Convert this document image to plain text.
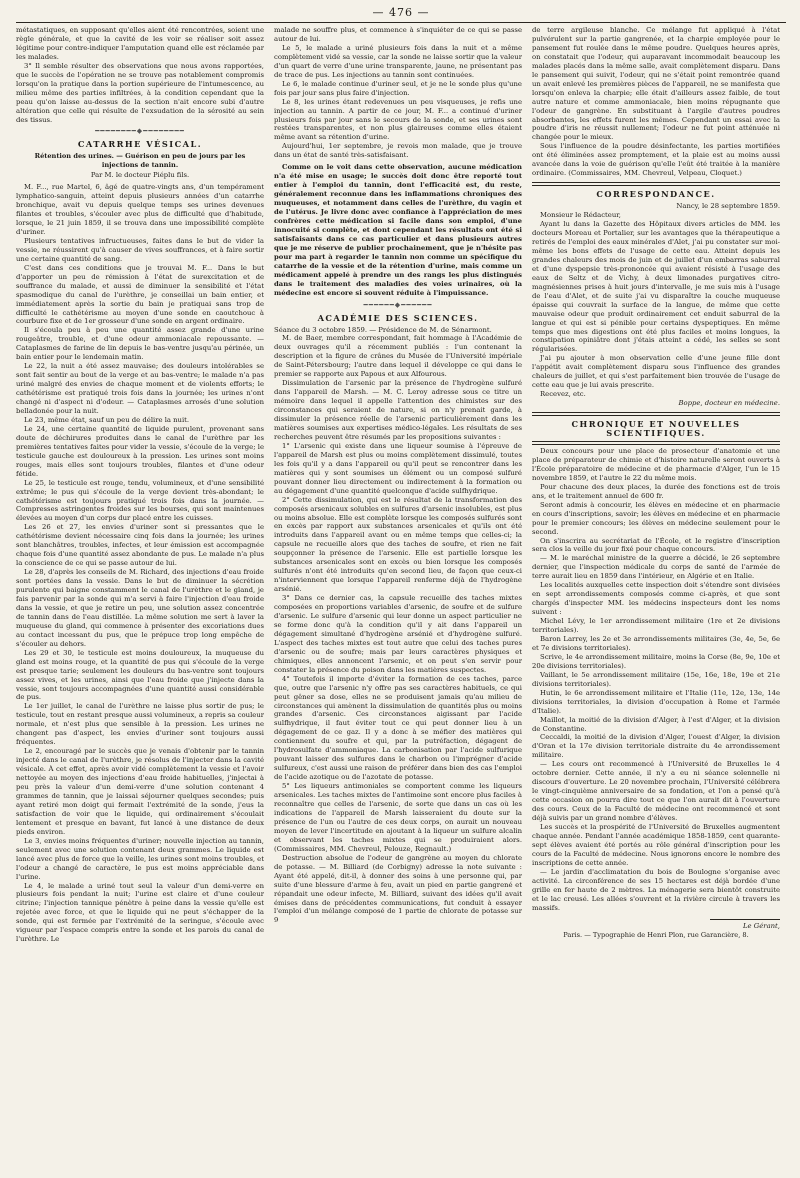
— 476 —

métastatiques, en supposant qu'elles aient été rencontrées, soient une règle générale, et que la cavité de les voir se réaliser soit assez légitime pour contre-indiquer l'amputation quand elle est réclamée par les malades.

3° Il semble résulter des observations que nous avons rapportées, que le succès de l'opération ne se trouve pas notablement compromis lorsqu'on la pratique dans la portion supérieure de l'intumescence, au milieu même des parties infiltrées, à la condition cependant que la peau qu'on laisse au-dessus de la section n'ait encore subi d'autre altération que celle qui résulte de l'exsudation de la sérosité au sein des tissus.

━━━━━━━━◆━━━━━━━━
CATARRHE VÉSICAL.
Rétention des urines. — Guérison en peu de jours par les injections de tannin.
Par M. le docteur Piéplu fils.

M. F..., rue Martel, 6, âgé de quatre-vingts ans, d'un tempérament lymphatico-sanguin, atteint depuis plusieurs années d'un catarrhe bronchique, avait vu depuis quelque temps ses urines devenues filantes et troubles, s'écouler avec plus de difficulté que d'habitude, lorsque, le 21 juin 1859, il se trouva dans une impossibilité complète d'uriner.

Plusieurs tentatives infructueuses, faites dans le but de vider la vessie, ne réussirent qu'à causer de vives souffrances, et à faire sortir une certaine quantité de sang.

C'est dans ces conditions que je trouvai M. F... Dans le but d'apporter un peu de rémission à l'état de surexcitation et de souffrance du malade, et aussi de diminuer la sensibilité et l'état spasmodique du canal de l'urèthre, je conseillai un bain entier, et immédiatement après la sortie du bain je pratiquai sans trop de difficulté le cathétérisme au moyen d'une sonde en caoutchouc à courbure fixe et de 1er grosseur d'une sonde en argent ordinaire.

Il s'écoula peu à peu une quantité assez grande d'une urine rougeâtre, trouble, et d'une odeur ammoniacale repoussante. — Cataplasmes de farine de lin depuis le bas-ventre jusqu'au périnée, un bain entier pour le lendemain matin.

Le 22, la nuit a été assez mauvaise; des douleurs intolérables se sont fait sentir au bout de la verge et au bas-ventre; le malade n'a pas uriné malgré des envies de chaque moment et de violents efforts; le cathétérisme est pratiqué trois fois dans la journée; les urines n'ont changé ni d'aspect ni d'odeur. — Cataplasmes arrosés d'une solution belladonée pour la nuit.

Le 23, même état, sauf un peu de délire la nuit.

Le 24, une certaine quantité de liquide purulent, provenant sans doute de déchirures produites dans le canal de l'urèthre par les premières tentatives faites pour vider la vessie, s'écoule de la verge; le testicule gauche est douloureux à la pression. Les urines sont moins rouges, mais elles sont toujours troubles, filantes et d'une odeur fétide.

Le 25, le testicule est rouge, tendu, volumineux, et d'une sensibilité extrême; le pus qui s'écoule de la verge devient très-abondant; le cathétérisme est toujours pratiqué trois fois dans la journée. — Compresses astringentes froides sur les bourses, qui sont maintenues élevées au moyen d'un corps dur placé entre les cuisses.

Les 26 et 27, les envies d'uriner sont si pressantes que le cathétérisme devient nécessaire cinq fois dans la journée; les urines sont blanchâtres, troubles, infectes, et leur émission est accompagnée chaque fois d'une quantité assez abondante de pus. Le malade n'a plus la conscience de ce qui se passe autour de lui.

Le 28, d'après les conseils de M. Richard, des injections d'eau froide sont portées dans la vessie. Dans le but de diminuer la sécrétion purulente qui baigne constamment le canal de l'urèthre et le gland, je fais parvenir par la sonde qui m'a servi à faire l'injection d'eau froide dans la vessie, et que je retire un peu, une solution assez concentrée de tannin dans de l'eau distillée. La même solution me sert à laver la muqueuse du gland, qui commence à présenter des excoriations dues au contact incessant du pus, que le prépuce trop long empêche de s'écouler au dehors.

Les 29 et 30, le testicule est moins douloureux, la muqueuse du gland est moins rouge, et la quantité de pus qui s'écoule de la verge est presque tarie; seulement les douleurs du bas-ventre sont toujours assez vives, et les urines, ainsi que l'eau froide que j'injecte dans la vessie, sont toujours accompagnées d'une quantité aussi considérable de pus.

Le 1er juillet, le canal de l'urèthre ne laisse plus sortir de pus; le testicule, tout en restant presque aussi volumineux, a repris sa couleur normale, et n'est plus que sensible à la pression. Les urines ne changent pas d'aspect, les envies d'uriner sont toujours aussi fréquentes.

Le 2, encouragé par le succès que je venais d'obtenir par le tannin injecté dans le canal de l'urèthre, je résolus de l'injecter dans la cavité vésicale. À cet effet, après avoir vidé complètement la vessie et l'avoir nettoyée au moyen des injections d'eau froide habituelles, j'injectai à peu près la valeur d'un demi-verre d'une solution contenant 4 grammes de tannin, que je laissai séjourner quelques secondes; puis ayant retiré mon doigt qui fermait l'extrémité de la sonde, j'eus la satisfaction de voir que le liquide, qui ordinairement s'écoulait lentement et presque en bavant, fut lancé à une distance de deux pieds environ.

Le 3, envies moins fréquentes d'uriner; nouvelle injection au tannin, seulement avec une solution contenant deux grammes. Le liquide est lancé avec plus de force que la veille, les urines sont moins troubles, et l'odeur a changé de caractère, le pus est moins appréciable dans l'urine.

Le 4, le malade a uriné tout seul la valeur d'un demi-verre en plusieurs fois pendant la nuit; l'urine est claire et d'une couleur citrine; l'injection tannique pénètre à peine dans la vessie qu'elle est rejetée avec force, et que le liquide qui ne peut s'échapper de la sonde, qui est fermée par l'extrémité de la seringue, s'écoule avec vigueur par l'espace compris entre la sonde et les parois du canal de l'urèthre. Le

malade ne souffre plus, et commence à s'inquiéter de ce qui se passe autour de lui.

Le 5, le malade a uriné plusieurs fois dans la nuit et a même complètement vidé sa vessie, car la sonde ne laisse sortir que la valeur d'un quart de verre d'une urine transparente, jaune, ne présentant pas de trace de pus. Les injections au tannin sont continuées.

Le 6, le malade continue d'uriner seul, et je ne le sonde plus qu'une fois par jour sans plus faire d'injection.

Le 8, les urines étant redevenues un peu visqueuses, je refis une injection au tannin. A partir de ce jour, M. F... a continué d'uriner plusieurs fois par jour sans le secours de la sonde, et ses urines sont restées transparentes, et non plus glaireuses comme elles étaient même avant sa rétention d'urine.

Aujourd'hui, 1er septembre, je revois mon malade, que je trouve dans un état de santé très-satisfaisant.

Comme on le voit dans cette observation, aucune médication n'a été mise en usage; le succès doit donc être reporté tout entier à l'emploi du tannin, dont l'efficacité est, du reste, généralement reconnue dans les inflammations chroniques des muqueuses, et notamment dans celles de l'urèthre, du vagin et de l'utérus. Je livre donc avec confiance à l'appréciation de mes confrères cette médication si facile dans son emploi, d'une innocuité si complète, et dont cependant les résultats ont été si satisfaisants dans ce cas particulier et dans plusieurs autres que je me réserve de publier prochainement, que je n'hésite pas pour ma part à regarder le tannin non comme un spécifique du catarrhe de la vessie et de la rétention d'urine, mais comme un médicament appelé à prendre un des rangs les plus distingués dans le traitement des maladies des voies urinaires, où la médecine est encore si souvent réduite à l'impuissance.

━━━━━━◆━━━━━━
ACADÉMIE DES SCIENCES.

Séance du 3 octobre 1859. — Présidence de M. de Sénarmont.

M. de Baer, membre correspondant, fait hommage à l'Académie de deux ouvrages qu'il a récemment publiés : l'un contenant la description et la figure de crânes du Musée de l'Université impériale de Saint-Pétersbourg; l'autre dans lequel il développe ce qui dans le premier se rapporte aux Papous et aux Alfourous.

Dissimulation de l'arsenic par la présence de l'hydrogène sulfuré dans l'appareil de Marsh. — M. C. Leroy adresse sous ce titre un mémoire dans lequel il appelle l'attention des chimistes sur des circonstances qui seraient de nature, si on n'y prenait garde, à dissimuler la présence réelle de l'arsenic particulièrement dans les matières soumises aux expertises médico-légales. Les résultats de ses recherches peuvent être résumés par les propositions suivantes :

1° L'arsenic qui existe dans une liqueur soumise à l'épreuve de l'appareil de Marsh est plus ou moins complètement dissimulé, toutes les fois qu'il y a dans l'appareil ou qu'il peut se rencontrer dans les matières qui y sont soumises un élément ou un composé sulfuré pouvant donner lieu directement ou indirectement à la formation ou au dégagement d'une quantité quelconque d'acide sulfhydrique.

2° Cette dissimulation, qui est le résultat de la transformation des composés arsenicaux solubles en sulfures d'arsenic insolubles, est plus ou moins absolue. Elle est complète lorsque les composés sulfurés sont en excès par rapport aux substances arsenicales et qu'ils ont été introduits dans l'appareil avant ou en même temps que celles-ci; la capsule ne recueille alors que des taches de soufre, et rien ne fait soupçonner la présence de l'arsenic. Elle est partielle lorsque les substances arsenicales sont en excès ou bien lorsque les composés sulfurés n'ont été introduits qu'en second lieu, de façon que ceux-ci n'interviennent que lorsque l'appareil renferme déjà de l'hydrogène arsénié.

3° Dans ce dernier cas, la capsule recueille des taches mixtes composées en proportions variables d'arsenic, de soufre et de sulfure d'arsenic. Le sulfure d'arsenic qui leur donne un aspect particulier ne se forme donc qu'à la condition qu'il y ait dans l'appareil un dégagement simultané d'hydrogène arsénié et d'hydrogène sulfuré. L'aspect des taches mixtes est tout autre que celui des taches pures d'arsenic ou de soufre; mais par leurs caractères physiques et chimiques, elles annoncent l'arsenic, et on peut s'en servir pour constater la présence du poison dans les matières suspectes.

4° Toutefois il importe d'éviter la formation de ces taches, parce que, outre que l'arsenic n'y offre pas ses caractères habituels, ce qui peut gêner sa dose, elles ne se produisent jamais qu'au milieu de circonstances qui amènent la dissimulation de quantités plus ou moins grandes d'arsenic. Ces circonstances aigissant par l'acide sulfhydrique, il faut éviter tout ce qui peut donner lieu à un dégagement de ce gaz. Il y a donc à se méfier des matières qui contiennent du soufre et qui, par la putréfaction, dégagent de l'hydrosulfate d'ammoniaque. La carbonisation par l'acide sulfurique pouvant laisser des sulfures dans le charbon ou l'imprégner d'acide sulfureux, c'est aussi une raison de préférer dans bien des cas l'emploi de l'acide azotique ou de l'azotate de potasse.

5° Les liqueurs antimoniales se comportent comme les liqueurs arsenicales. Les taches mixtes de l'antimoine sont encore plus faciles à reconnaître que celles de l'arsenic, de sorte que dans un cas où les indications de l'appareil de Marsh laisseraient du doute sur la présence de l'un ou l'autre de ces deux corps, on aurait un nouveau moyen de lever l'incertitude en ajoutant à la liqueur un sulfure alcalin et observant les taches mixtes qui se produiraient alors. (Commissaires, MM. Chevreul, Pelouze, Regnault.)

Destruction absolue de l'odeur de gangrène au moyen du chlorate de potasse. — M. Billiard (de Corbigny) adresse la note suivante : Ayant été appelé, dit-il, à donner des soins à une personne qui, par suite d'une blessure d'arme à feu, avait un pied en partie gangrené et répandait une odeur infecte, M. Billiard, suivant des idées qu'il avait émises dans de précédentes communications, fut conduit à essayer l'emploi d'un mélange composé de 1 partie de chlorate de potasse sur 9

de terre argileuse blanche. Ce mélange fut appliqué à l'état pulvérulent sur la partie gangrenée, et la charpie employée pour le pansement fut roulée dans le même poudre. Quelques heures après, on constatait que l'odeur, qui auparavant incommodait beaucoup les malades placés dans la même salle, avait complètement disparu. Dans le pansement qui suivit, l'odeur, qui ne s'était point remontrée quand un avait enlevé les premières pièces de l'appareil, ne se manifesta que lorsqu'on enleva la charpie; elle était d'ailleurs assez faible, de tout autre nature et comme ammoniacale, bien moins répugnante que l'odeur de gangrène. En substituant à l'argile d'autres poudres absorbantes, les effets furent les mêmes. Cependant un essai avec la poudre d'iris ne réussit nullement; l'odeur ne fut point atténuée ni changée pour le mieux.

Sous l'influence de la poudre désinfectante, les parties mortifiées ont été éliminées assez promptement, et la plaie est au moins aussi avancée dans la voie de guérison qu'elle l'eût été traitée à la manière ordinaire. (Commissaires, MM. Chevreul, Velpeau, Cloquet.)

CORRESPONDANCE.

Nancy, le 28 septembre 1859.

Monsieur le Rédacteur,

Ayant lu dans la Gazette des Hôpitaux divers articles de MM. les docteurs Moreau et Portalier, sur les avantages que la thérapeutique a retirés de l'emploi des eaux minérales d'Alet, j'ai pu constater sur moi-même les bons effets de l'usage de cette eau. Atteint depuis les grandes chaleurs des mois de juin et de juillet d'un embarras saburral et d'une dyspepsie très-prononcée qui avaient résisté à l'usage des eaux de Seltz et de Vichy, à deux limonades purgatives citro-magnésiennes prises à huit jours d'intervalle, je me suis mis à l'usage de l'eau d'Alet, et de suite j'ai vu disparaître la couche muqueuse épaisse qui couvrait la surface de la langue, de même que cette mauvaise odeur que produit ordinairement cet enduit saburral de la langue et qui est si pénible pour certains dyspeptiques. En même temps que mes digestions ont été plus faciles et moins longues, la constipation opiniâtre dont j'étais atteint a cédé, les selles se sont régularisées.

J'ai pu ajouter à mon observation celle d'une jeune fille dont l'appétit avait complètement disparu sous l'influence des grandes chaleurs de juillet, et qui s'est parfaitement bien trouvée de l'usage de cette eau que je lui avais prescrite.

Recevez, etc.

Boppe, docteur en médecine.

CHRONIQUE ET NOUVELLES SCIENTIFIQUES.

Deux concours pour une place de prosecteur d'anatomie et une place de préparateur de chimie et d'histoire naturelle seront ouverts à l'École préparatoire de médecine et de pharmacie d'Alger, l'un le 15 novembre 1859, et l'autre le 22 du même mois.

Pour chacune des deux places, la durée des fonctions est de trois ans, et le traitement annuel de 600 fr.

Seront admis à concourir, les élèves en médecine et en pharmacie en cours d'inscriptions, savoir; les élèves en médecine et en pharmacie pour le premier concours; les élèves en médecine seulement pour le second.

On s'inscrira au secrétariat de l'École, et le registre d'inscription sera clos la veille du jour fixé pour chaque concours.

— M. le maréchal ministre de la guerre a décidé, le 26 septembre dernier, que l'inspection médicale du corps de santé de l'armée de terre aurait lieu en 1859 dans l'intérieur, en Algérie et en Italie.

Les localités auxquelles cette inspection doit s'étendre sont divisées en sept arrondissements composés comme ci-après, et que sont chargés d'inspecter MM. les médecins inspecteurs dont les noms suivent :

Michel Lévy, le 1er arrondissement militaire (1re et 2e divisions territoriales).

Baron Larrey, les 2e et 3e arrondissements militaires (3e, 4e, 5e, 6e et 7e divisions territoriales).

Scrive, le 4e arrondissement militaire, moins la Corse (8e, 9e, 10e et 20e divisions territoriales).

Vaillant, le 5e arrondissement militaire (15e, 16e, 18e, 19e et 21e divisions territoriales).

Hutin, le 6e arrondissement militaire et l'Italie (11e, 12e, 13e, 14e divisions territoriales, la division d'occupation à Rome et l'armée d'Italie).

Maillot, la moitié de la division d'Alger, à l'est d'Alger, et la division de Constantine.

Ceccaldi, la moitié de la division d'Alger, l'ouest d'Alger, la division d'Oran et la 17e division territoriale distraite du 4e arrondissement militaire.

— Les cours ont recommencé à l'Université de Bruxelles le 4 octobre dernier. Cette année, il n'y a eu ni séance solennelle ni discours d'ouverture. Le 20 novembre prochain, l'Université célébrera le vingt-cinquième anniversaire de sa fondation, et l'on a pensé qu'à cette occasion on pourra dire tout ce que l'on aurait dit à l'ouverture des cours. Ceux de la Faculté de médecine ont recommencé et sont déjà suivis par un grand nombre d'élèves.

Les succès et la prospérité de l'Université de Bruxelles augmentent chaque année. Pendant l'année académique 1858-1859, cent quarante-sept élèves avaient été portés au rôle général d'inscription pour les cours de la Faculté de médecine. Nous ignorons encore le nombre des inscriptions de cette année.

— Le jardin d'acclimatation du bois de Boulogne s'organise avec activité. La circonférence de ses 15 hectares est déjà bordée d'une grille en fer haute de 2 mètres. La ménagerie sera bientôt construite et le lac creusé. Les allées s'ouvrent et la rivière circule à travers les massifs.

Le Gérant,

Paris. — Typographie de Henri Plon, rue Garancière, 8.
